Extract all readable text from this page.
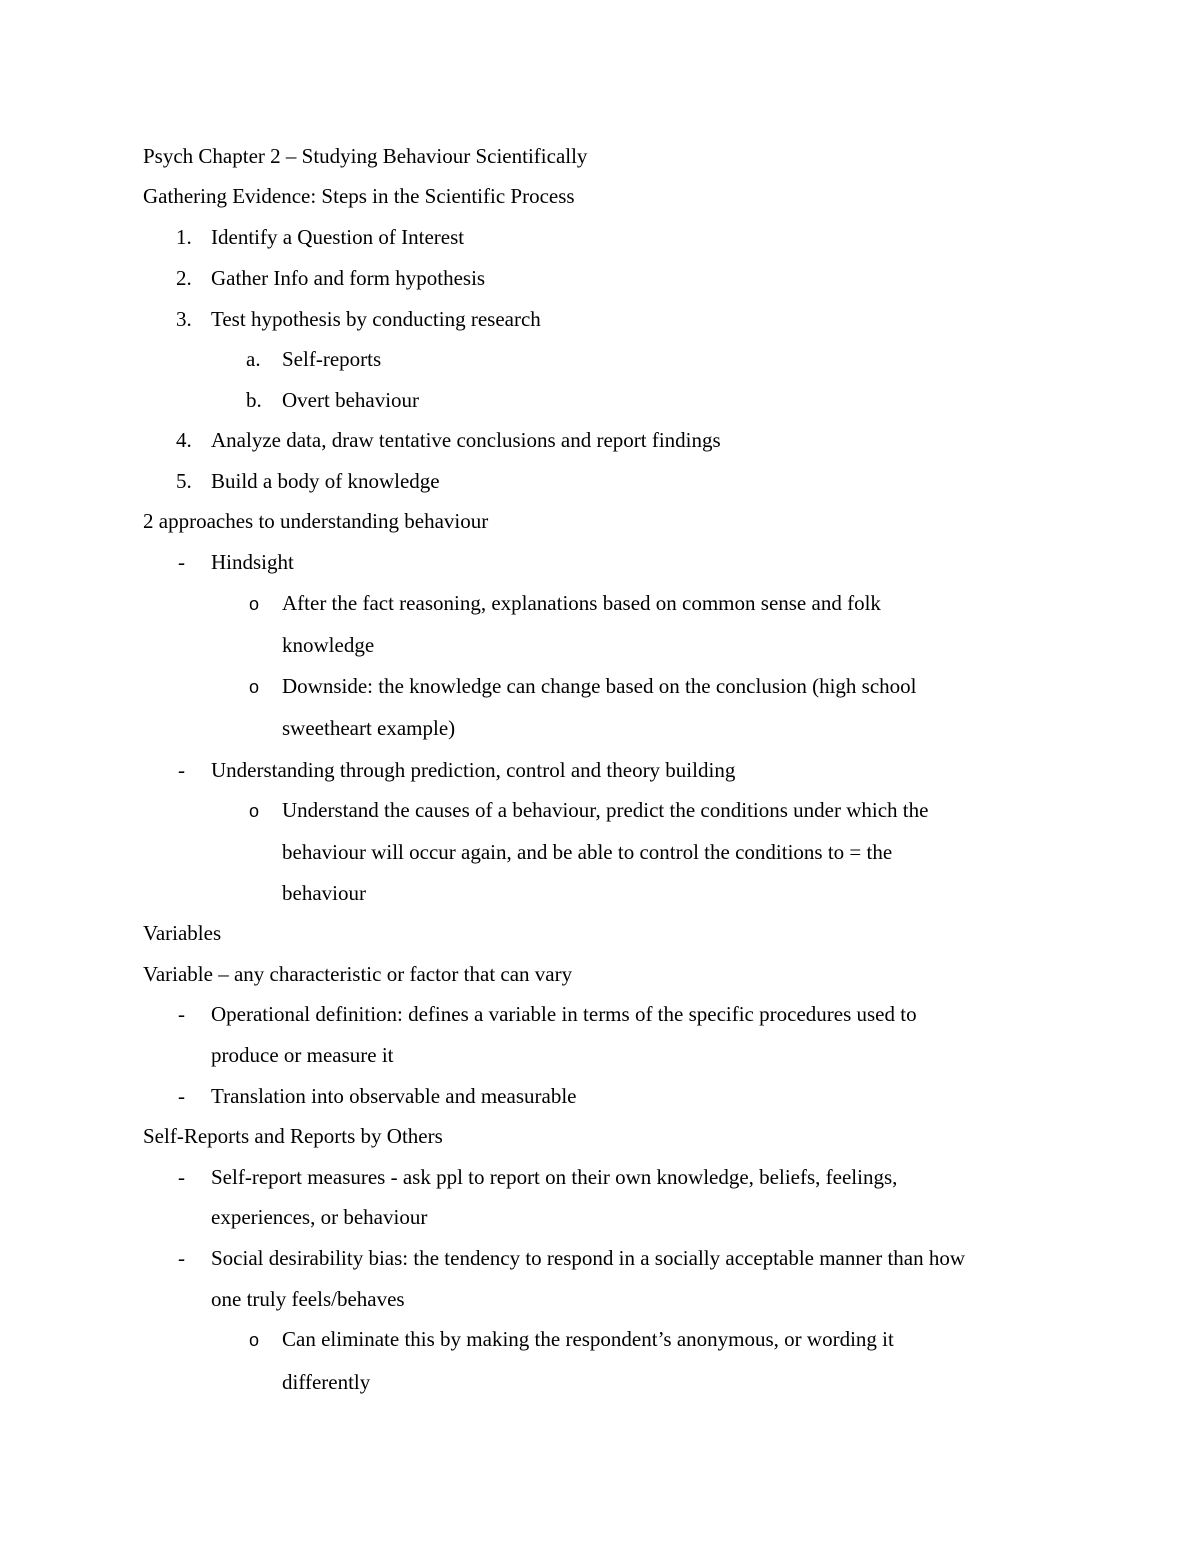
Psych Chapter 2 – Studying Behaviour Scientifically
Gathering Evidence: Steps in the Scientific Process
1. Identify a Question of Interest
2. Gather Info and form hypothesis
3. Test hypothesis by conducting research
a. Self-reports
b. Overt behaviour
4. Analyze data, draw tentative conclusions and report findings
5. Build a body of knowledge
2 approaches to understanding behaviour
- Hindsight
o After the fact reasoning, explanations based on common sense and folk
knowledge
o Downside: the knowledge can change based on the conclusion (high school
sweetheart example)
- Understanding through prediction, control and theory building
o Understand the causes of a behaviour, predict the conditions under which the
behaviour will occur again, and be able to control the conditions to = the
behaviour
Variables
Variable – any characteristic or factor that can vary
- Operational definition: defines a variable in terms of the specific procedures used to
produce or measure it
- Translation into observable and measurable
Self-Reports and Reports by Others
- Self-report measures - ask ppl to report on their own knowledge, beliefs, feelings,
experiences, or behaviour
- Social desirability bias: the tendency to respond in a socially acceptable manner than how
one truly feels/behaves
o Can eliminate this by making the respondent’s anonymous, or wording it
differently
